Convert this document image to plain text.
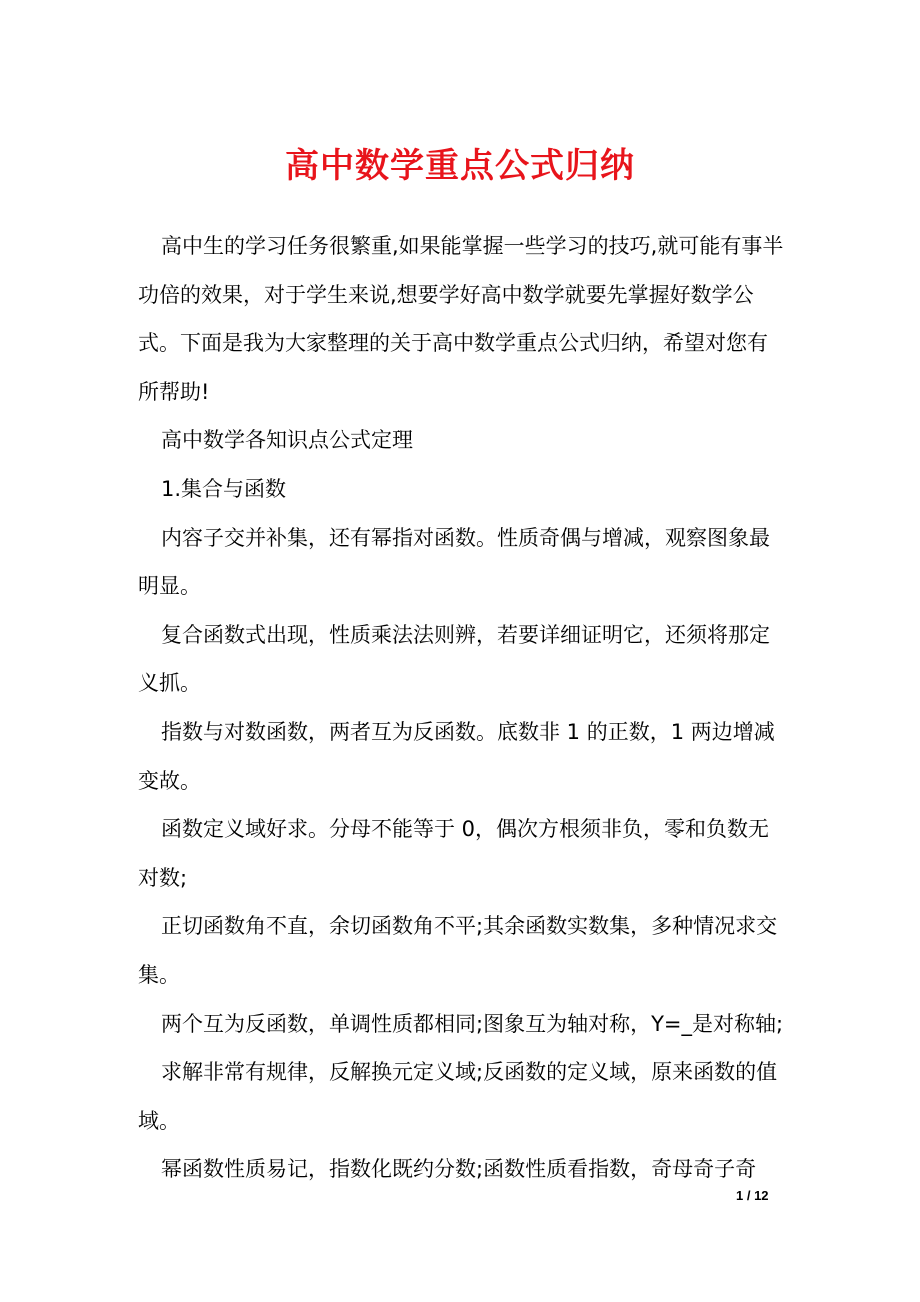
高中数学重点公式归纳

高中生的学习任务很繁重,如果能掌握一些学习的技巧,就可能有事半功倍的效果，对于学生来说,想要学好高中数学就要先掌握好数学公式。下面是我为大家整理的关于高中数学重点公式归纳，希望对您有所帮助!

高中数学各知识点公式定理

1.集合与函数

内容子交并补集，还有幂指对函数。性质奇偶与增减，观察图象最明显。

复合函数式出现，性质乘法法则辨，若要详细证明它，还须将那定义抓。

指数与对数函数，两者互为反函数。底数非 1 的正数，1 两边增减变故。

函数定义域好求。分母不能等于 0，偶次方根须非负，零和负数无对数;

正切函数角不直，余切函数角不平;其余函数实数集，多种情况求交集。

两个互为反函数，单调性质都相同;图象互为轴对称，Y=_是对称轴;

求解非常有规律，反解换元定义域;反函数的定义域，原来函数的值域。

幂函数性质易记，指数化既约分数;函数性质看指数，奇母奇子奇

1 / 12
